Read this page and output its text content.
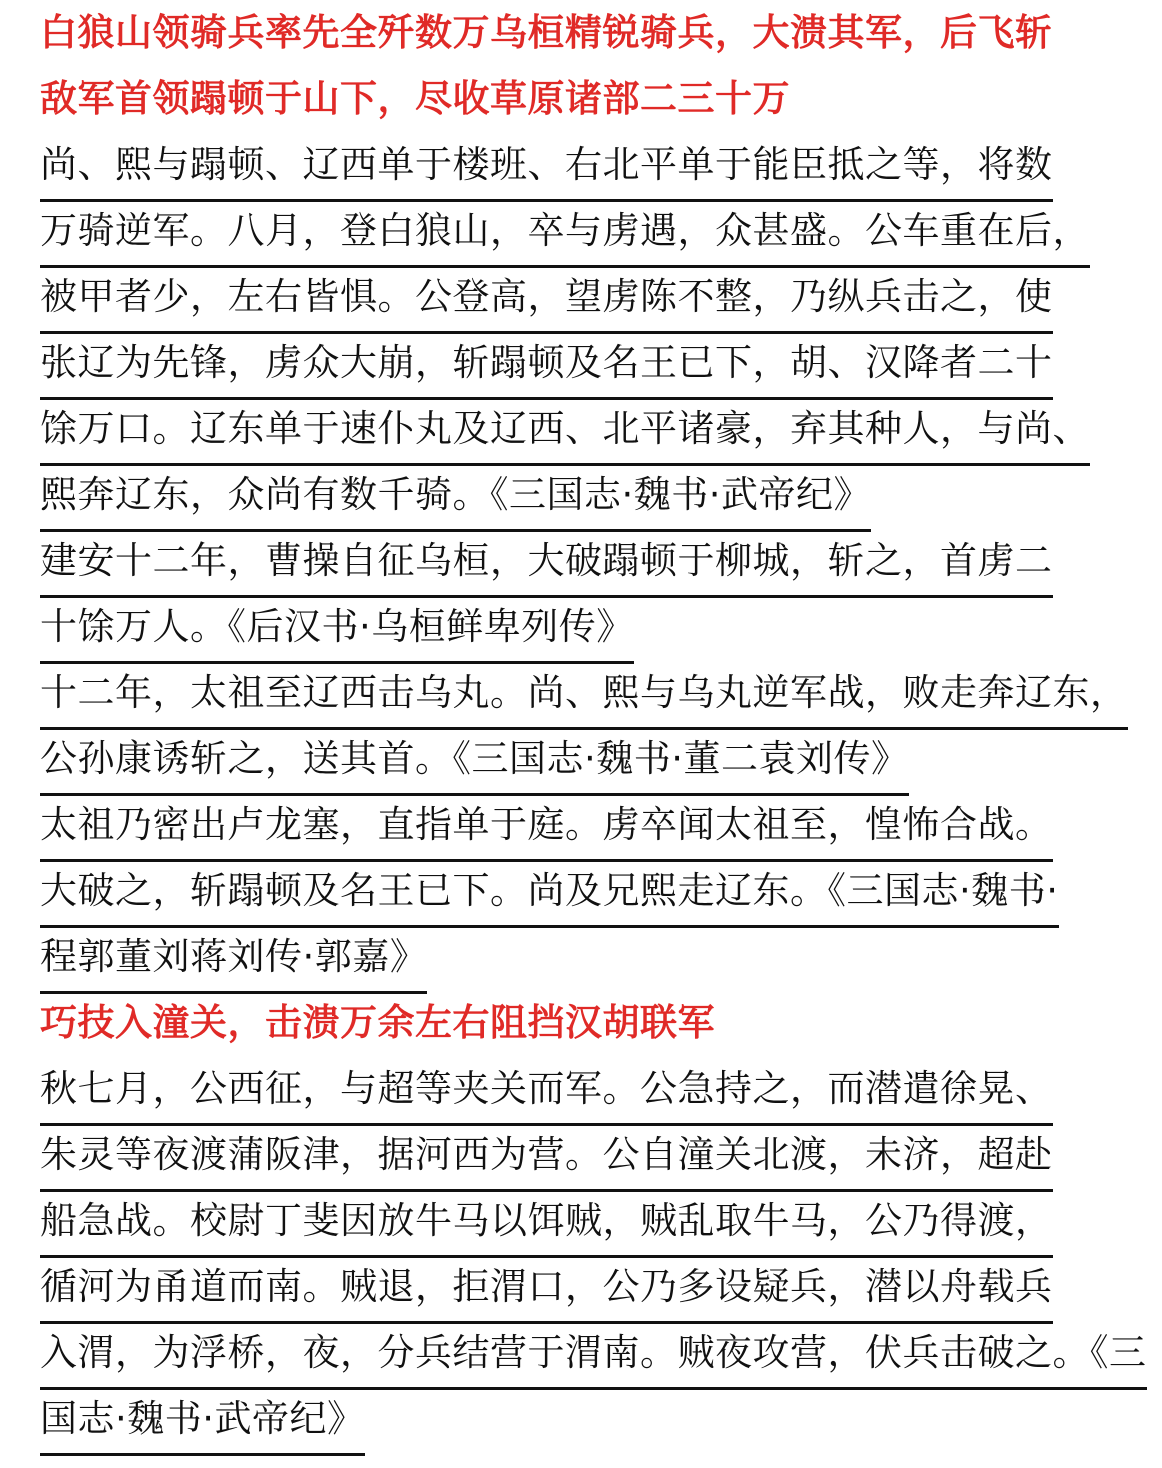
白狼山领骑兵率先全歼数万乌桓精锐骑兵，大溃其军，后飞斩
敌军首领蹋顿于山下，尽收草原诸部二三十万
尚、熙与蹋顿、辽西单于楼班、右北平单于能臣抵之等，将数
万骑逆军。八月，登白狼山，卒与虏遇，众甚盛。公车重在后，
被甲者少，左右皆惧。公登高，望虏陈不整，乃纵兵击之，使
张辽为先锋，虏众大崩，斩蹋顿及名王已下，胡、汉降者二十
馀万口。辽东单于速仆丸及辽西、北平诸豪，弃其种人，与尚、
熙奔辽东，众尚有数千骑。《三国志·魏书·武帝纪》
建安十二年，曹操自征乌桓，大破蹋顿于柳城，斩之，首虏二
十馀万人。《后汉书·乌桓鲜卑列传》
十二年，太祖至辽西击乌丸。尚、熙与乌丸逆军战，败走奔辽东，
公孙康诱斩之，送其首。《三国志·魏书·董二袁刘传》
太祖乃密出卢龙塞，直指单于庭。虏卒闻太祖至，惶怖合战。
大破之，斩蹋顿及名王已下。尚及兄熙走辽东。《三国志·魏书·
程郭董刘蒋刘传·郭嘉》
巧技入潼关，击溃万余左右阻挡汉胡联军
秋七月，公西征，与超等夹关而军。公急持之，而潜遣徐晃、
朱灵等夜渡蒲阪津，据河西为营。公自潼关北渡，未济，超赴
船急战。校尉丁斐因放牛马以饵贼，贼乱取牛马，公乃得渡，
循河为甬道而南。贼退，拒渭口，公乃多设疑兵，潜以舟载兵
入渭，为浮桥，夜，分兵结营于渭南。贼夜攻营，伏兵击破之。《三
国志·魏书·武帝纪》
